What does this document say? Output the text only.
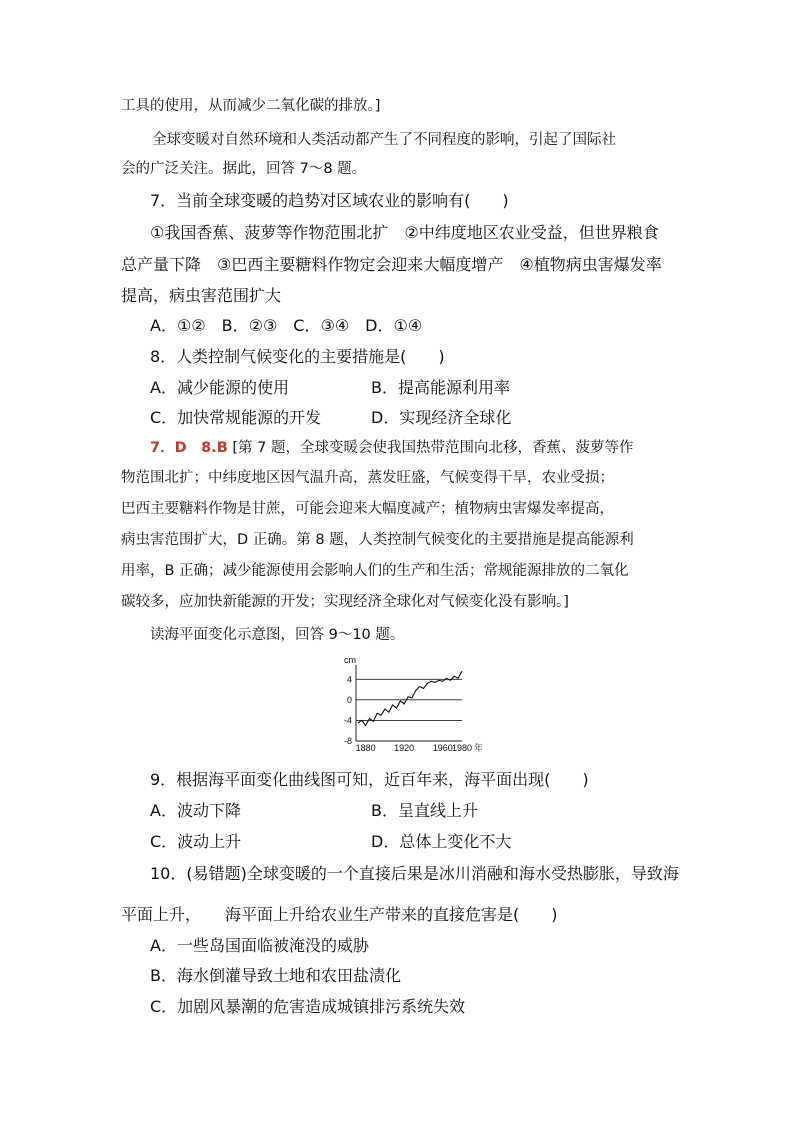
工具的使用，从而减少二氧化碳的排放。]
全球变暖对自然环境和人类活动都产生了不同程度的影响，引起了国际社
会的广泛关注。据此，回答 7～8 题。
7．当前全球变暖的趋势对区域农业的影响有(　　)
①我国香蕉、菠萝等作物范围北扩　②中纬度地区农业受益，但世界粮食
总产量下降　③巴西主要糖料作物定会迎来大幅度增产　④植物病虫害爆发率
提高，病虫害范围扩大
A．①②　B．②③　C．③④　D．①④
8．人类控制气候变化的主要措施是(　　)
A．减少能源的使用	B．提高能源利用率
C．加快常规能源的开发	D．实现经济全球化
7．D　8.B [第 7 题，全球变暖会使我国热带范围向北移，香蕉、菠萝等作
物范围北扩；中纬度地区因气温升高，蒸发旺盛，气候变得干旱，农业受损；
巴西主要糖料作物是甘蔗，可能会迎来大幅度减产；植物病虫害爆发率提高，
病虫害范围扩大，D 正确。第 8 题，人类控制气候变化的主要措施是提高能源利
用率，B 正确；减少能源使用会影响人们的生产和生活；常规能源排放的二氧化
碳较多，应加快新能源的开发；实现经济全球化对气候变化没有影响。]
读海平面变化示意图，回答 9～10 题。
cm
4
0
-4
-8
1880 1920 1960 1980 年
9．根据海平面变化曲线图可知，近百年来，海平面出现(　　)
A．波动下降	B．呈直线上升
C．波动上升	D．总体上变化不大
10．(易错题)全球变暖的一个直接后果是冰川消融和海水受热膨胀，导致海
平面上升，　　海平面上升给农业生产带来的直接危害是(　　)
A．一些岛国面临被淹没的威胁
B．海水倒灌导致土地和农田盐渍化
C．加剧风暴潮的危害造成城镇排污系统失效
